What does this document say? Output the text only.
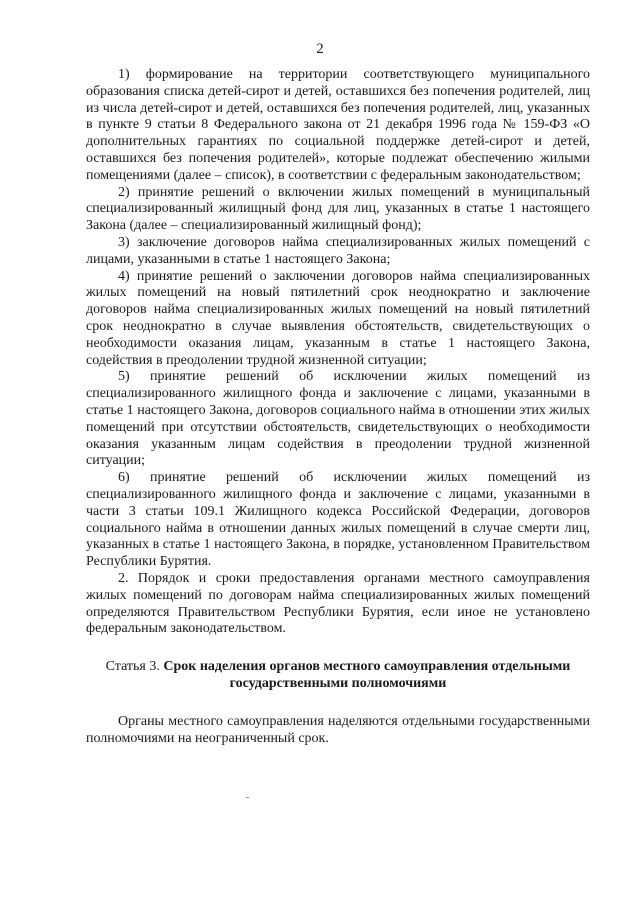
2

1) формирование на территории соответствующего муниципального образования списка детей-сирот и детей, оставшихся без попечения родителей, лиц из числа детей-сирот и детей, оставшихся без попечения родителей, лиц, указанных в пункте 9 статьи 8 Федерального закона от 21 декабря 1996 года № 159-ФЗ «О дополнительных гарантиях по социальной поддержке детей-сирот и детей, оставшихся без попечения родителей», которые подлежат обеспечению жилыми помещениями (далее – список), в соответствии с федеральным законодательством;

2) принятие решений о включении жилых помещений в муниципальный специализированный жилищный фонд для лиц, указанных в статье 1 настоящего Закона (далее – специализированный жилищный фонд);

3) заключение договоров найма специализированных жилых помещений с лицами, указанными в статье 1 настоящего Закона;

4) принятие решений о заключении договоров найма специализированных жилых помещений на новый пятилетний срок неоднократно и заключение договоров найма специализированных жилых помещений на новый пятилетний срок неоднократно в случае выявления обстоятельств, свидетельствующих о необходимости оказания лицам, указанным в статье 1 настоящего Закона, содействия в преодолении трудной жизненной ситуации;

5) принятие решений об исключении жилых помещений из специализированного жилищного фонда и заключение с лицами, указанными в статье 1 настоящего Закона, договоров социального найма в отношении этих жилых помещений при отсутствии обстоятельств, свидетельствующих о необходимости оказания указанным лицам содействия в преодолении трудной жизненной ситуации;

6) принятие решений об исключении жилых помещений из специализированного жилищного фонда и заключение с лицами, указанными в части 3 статьи 109.1 Жилищного кодекса Российской Федерации, договоров социального найма в отношении данных жилых помещений в случае смерти лиц, указанных в статье 1 настоящего Закона, в порядке, установленном Правительством Республики Бурятия.

2. Порядок и сроки предоставления органами местного самоуправления жилых помещений по договорам найма специализированных жилых помещений определяются Правительством Республики Бурятия, если иное не установлено федеральным законодательством.

Статья 3. Срок наделения органов местного самоуправления отдельными государственными полномочиями

Органы местного самоуправления наделяются отдельными государственными полномочиями на неограниченный срок.
